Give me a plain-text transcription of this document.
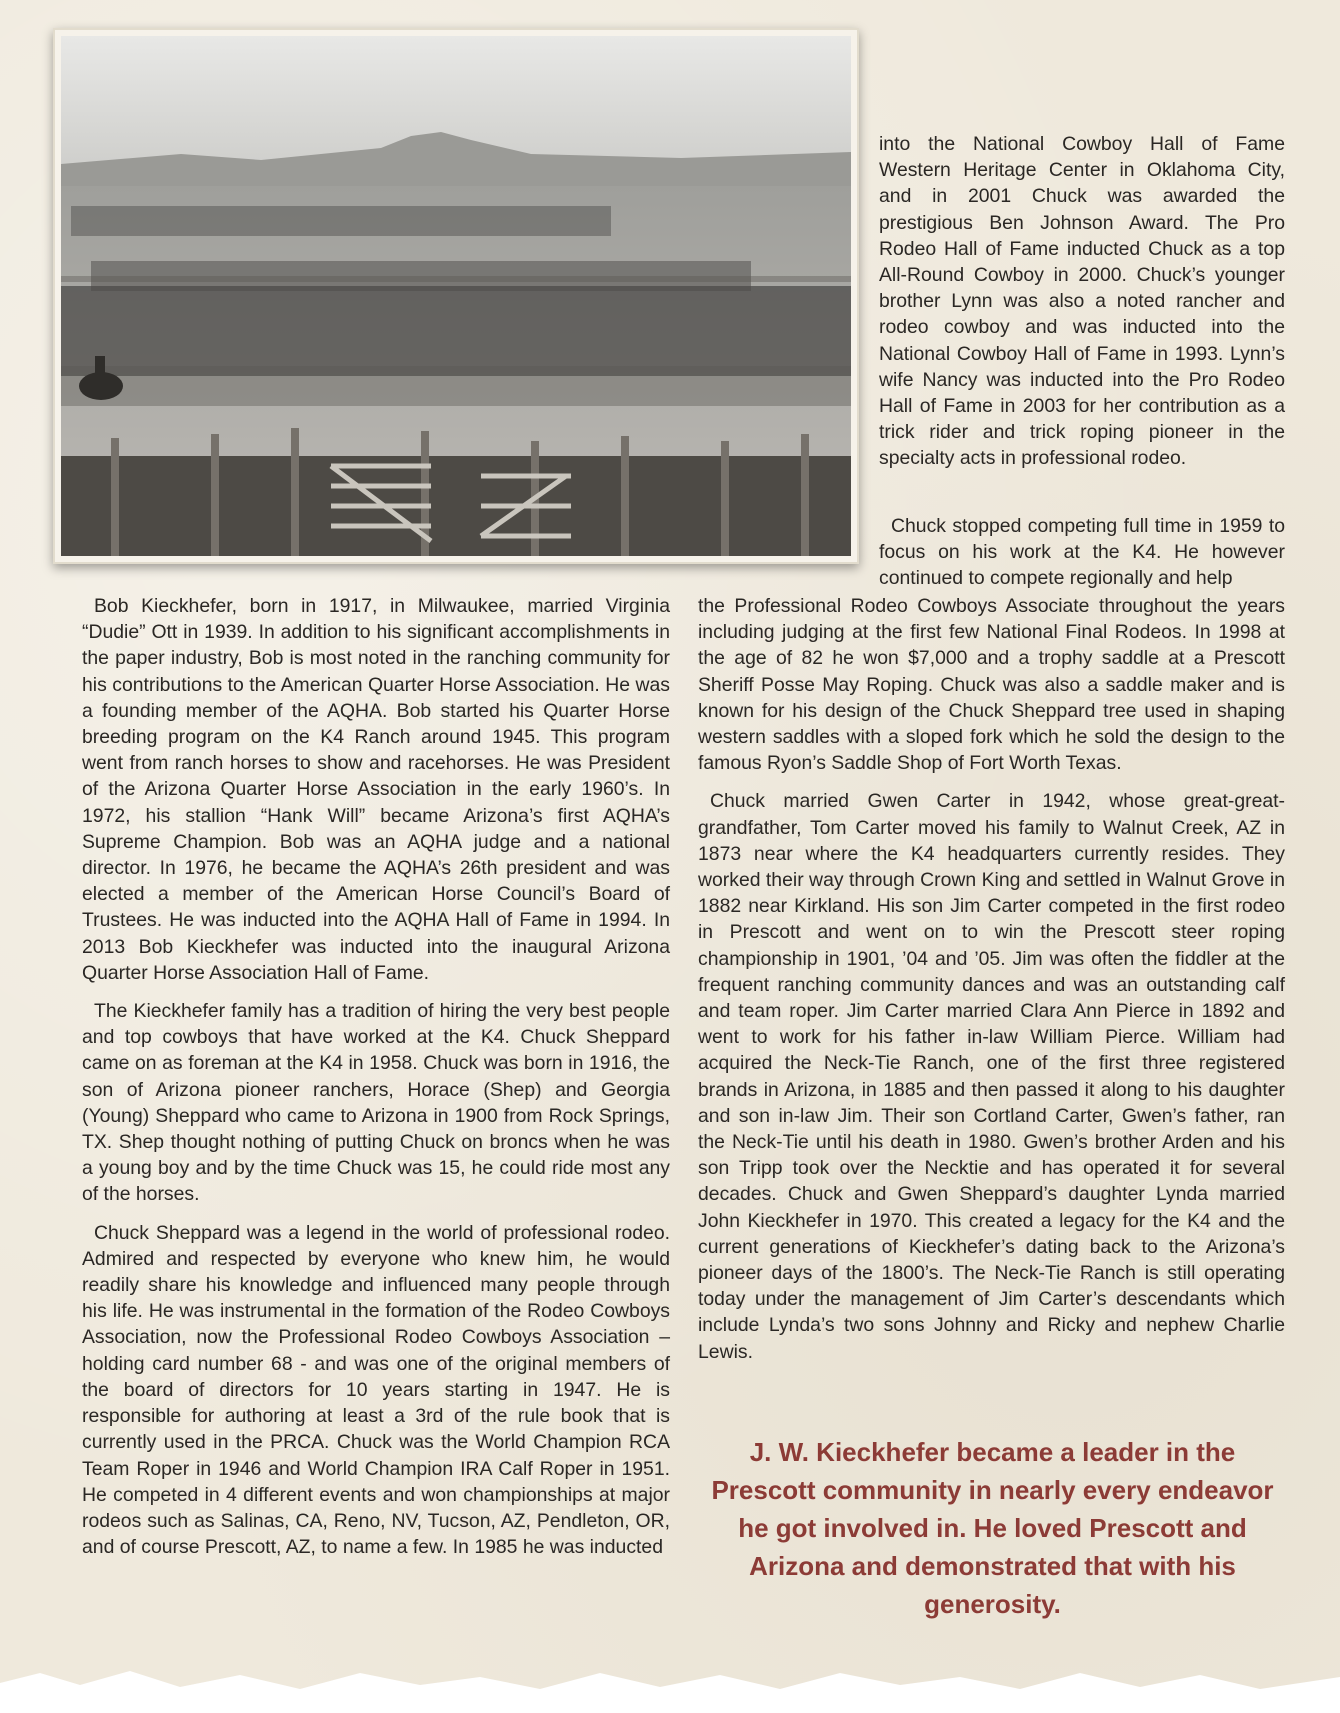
into the National Cowboy Hall of Fame Western Heritage Center in Oklahoma City, and in 2001 Chuck was awarded the prestigious Ben Johnson Award. The Pro Rodeo Hall of Fame inducted Chuck as a top All-Round Cowboy in 2000. Chuck’s younger brother Lynn was also a noted rancher and rodeo cowboy and was inducted into the National Cowboy Hall of Fame in 1993. Lynn’s wife Nancy was inducted into the Pro Rodeo Hall of Fame in 2003 for her contribution as a trick rider and trick roping pioneer in the specialty acts in professional rodeo.
Chuck stopped competing full time in 1959 to focus on his work at the K4. He however continued to compete regionally and help

Bob Kieckhefer, born in 1917, in Milwaukee, married Virginia “Dudie” Ott in 1939. In addition to his significant accomplishments in the paper industry, Bob is most noted in the ranching community for his contributions to the American Quarter Horse Association. He was a founding member of the AQHA. Bob started his Quarter Horse breeding program on the K4 Ranch around 1945. This program went from ranch horses to show and racehorses. He was President of the Arizona Quarter Horse Association in the early 1960’s. In 1972, his stallion “Hank Will” became Arizona’s first AQHA’s Supreme Champion. Bob was an AQHA judge and a national director. In 1976, he became the AQHA’s 26th president and was elected a member of the American Horse Council’s Board of Trustees. He was inducted into the AQHA Hall of Fame in 1994. In 2013 Bob Kieckhefer was inducted into the inaugural Arizona Quarter Horse Association Hall of Fame.

The Kieckhefer family has a tradition of hiring the very best people and top cowboys that have worked at the K4. Chuck Sheppard came on as foreman at the K4 in 1958. Chuck was born in 1916, the son of Arizona pioneer ranchers, Horace (Shep) and Georgia (Young) Sheppard who came to Arizona in 1900 from Rock Springs, TX. Shep thought nothing of putting Chuck on broncs when he was a young boy and by the time Chuck was 15, he could ride most any of the horses.

Chuck Sheppard was a legend in the world of professional rodeo. Admired and respected by everyone who knew him, he would readily share his knowledge and influenced many people through his life. He was instrumental in the formation of the Rodeo Cowboys Association, now the Professional Rodeo Cowboys Association – holding card number 68 - and was one of the original members of the board of directors for 10 years starting in 1947. He is responsible for authoring at least a 3rd of the rule book that is currently used in the PRCA. Chuck was the World Champion RCA Team Roper in 1946 and World Champion IRA Calf Roper in 1951. He competed in 4 different events and won championships at major rodeos such as Salinas, CA, Reno, NV, Tucson, AZ, Pendleton, OR, and of course Prescott, AZ, to name a few. In 1985 he was inducted

the Professional Rodeo Cowboys Associate throughout the years including judging at the first few National Final Rodeos. In 1998 at the age of 82 he won $7,000 and a trophy saddle at a Prescott Sheriff Posse May Roping. Chuck was also a saddle maker and is known for his design of the Chuck Sheppard tree used in shaping western saddles with a sloped fork which he sold the design to the famous Ryon’s Saddle Shop of Fort Worth Texas.

Chuck married Gwen Carter in 1942, whose great-great-grandfather, Tom Carter moved his family to Walnut Creek, AZ in 1873 near where the K4 headquarters currently resides. They worked their way through Crown King and settled in Walnut Grove in 1882 near Kirkland. His son Jim Carter competed in the first rodeo in Prescott and went on to win the Prescott steer roping championship in 1901, ’04 and ’05. Jim was often the fiddler at the frequent ranching community dances and was an outstanding calf and team roper. Jim Carter married Clara Ann Pierce in 1892 and went to work for his father in-law William Pierce. William had acquired the Neck-Tie Ranch, one of the first three registered brands in Arizona, in 1885 and then passed it along to his daughter and son in-law Jim. Their son Cortland Carter, Gwen’s father, ran the Neck-Tie until his death in 1980. Gwen’s brother Arden and his son Tripp took over the Necktie and has operated it for several decades. Chuck and Gwen Sheppard’s daughter Lynda married John Kieckhefer in 1970. This created a legacy for the K4 and the current generations of Kieckhefer’s dating back to the Arizona’s pioneer days of the 1800’s. The Neck-Tie Ranch is still operating today under the management of Jim Carter’s descendants which include Lynda’s two sons Johnny and Ricky and nephew Charlie Lewis.

J. W. Kieckhefer became a leader in the Prescott community in nearly every endeavor he got involved in. He loved Prescott and Arizona and demonstrated that with his generosity.
